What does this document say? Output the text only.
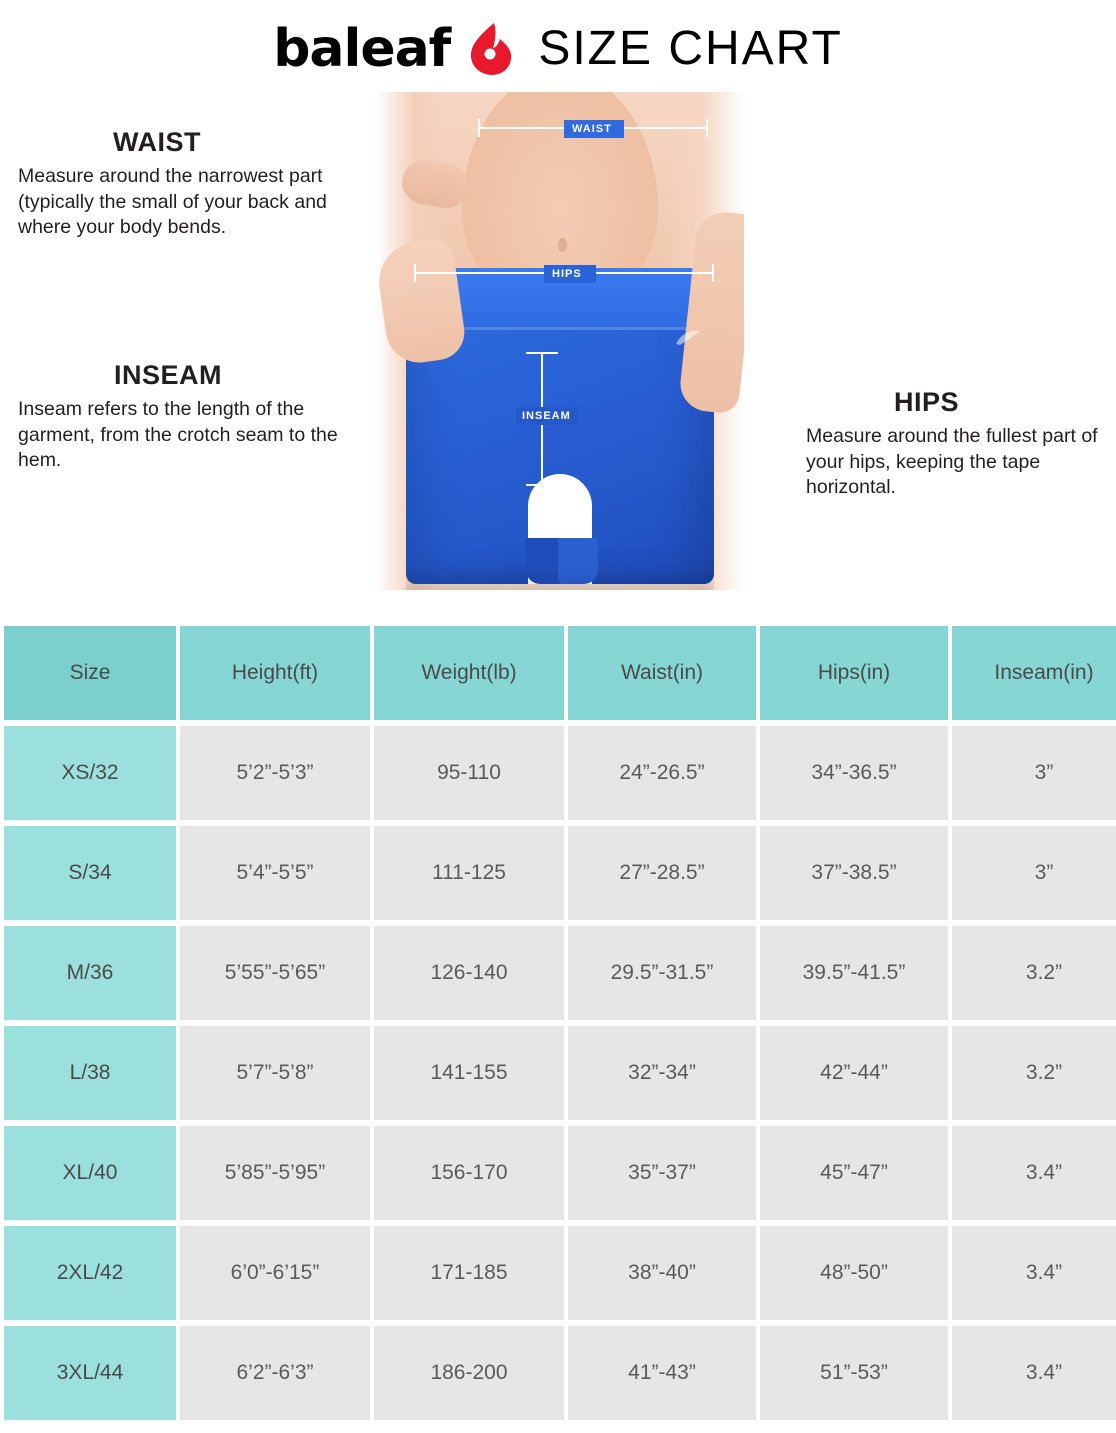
baleaf SIZE CHART
WAIST
HIPS
INSEAM
WAIST

Measure around the narrowest part (typically the small of your back and where your body bends.

INSEAM

Inseam refers to the length of the garment, from the crotch seam to the hem.

HIPS

Measure around the fullest part of your hips, keeping the tape horizontal.

Size	Height(ft)	Weight(lb)	Waist(in)	Hips(in)	Inseam(in)
XS/32	5’2”-5’3”	95-110	24”-26.5”	34”-36.5”	3”
S/34	5’4”-5’5”	111-125	27”-28.5”	37”-38.5”	3”
M/36	5’55”-5’65”	126-140	29.5”-31.5”	39.5”-41.5”	3.2”
L/38	5’7”-5’8”	141-155	32”-34”	42”-44”	3.2”
XL/40	5’85”-5’95”	156-170	35”-37”	45”-47”	3.4”
2XL/42	6’0”-6’15”	171-185	38”-40”	48”-50”	3.4”
3XL/44	6’2”-6’3”	186-200	41”-43”	51”-53”	3.4”
